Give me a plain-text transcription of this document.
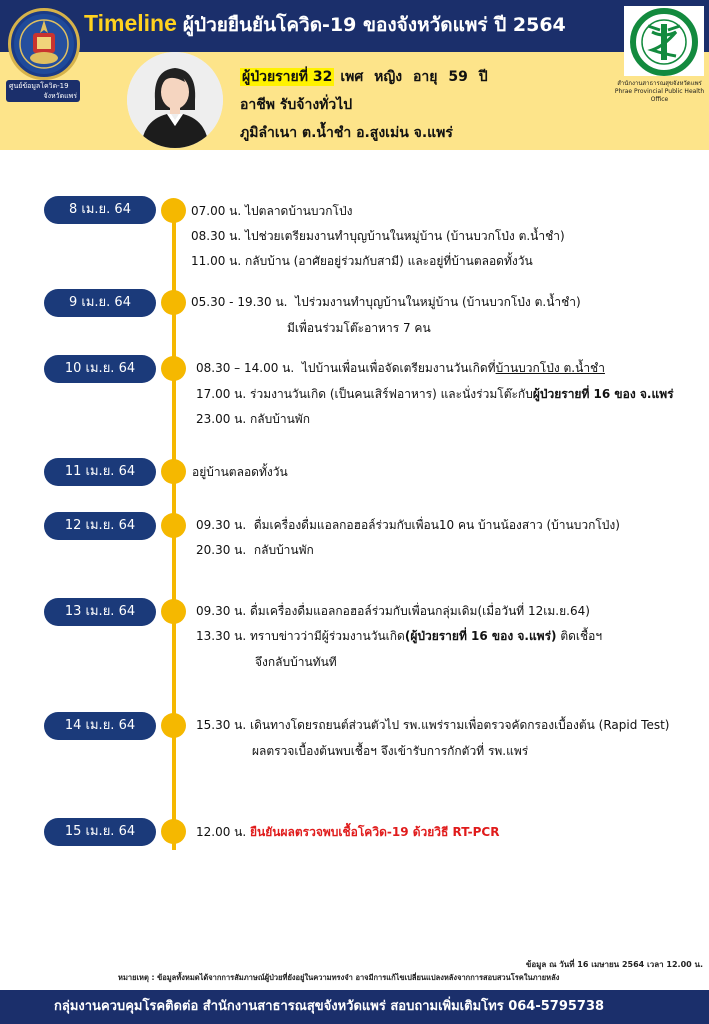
Timeline ผู้ป่วยยืนยันโควิด-19 ของจังหวัดแพร่ ปี 2564
ศูนย์ข้อมูลโควิด-19
จังหวัดแพร่
สำนักงานสาธารณสุขจังหวัดแพร่ Phrae Provincial Public Health Office
ผู้ป่วยรายที่ 32 เพศ หญิง อายุ 59 ปี
อาชีพ รับจ้างทั่วไป
ภูมิลำเนา ต.น้ำชำ อ.สูงเม่น จ.แพร่
8 เม.ย. 64	07.00 น. ไปตลาดบ้านบวกโป่ง
08.30 น. ไปช่วยเตรียมงานทำบุญบ้านในหมู่บ้าน (บ้านบวกโป่ง ต.น้ำชำ)
11.00 น. กลับบ้าน (อาศัยอยู่ร่วมกับสามี) และอยู่ที่บ้านตลอดทั้งวัน
9 เม.ย. 64	05.30 - 19.30 น. ไปร่วมงานทำบุญบ้านในหมู่บ้าน (บ้านบวกโป่ง ต.น้ำชำ)
มีเพื่อนร่วมโต๊ะอาหาร 7 คน
10 เม.ย. 64	08.30 – 14.00 น. ไปบ้านเพื่อนเพื่อจัดเตรียมงานวันเกิดที่บ้านบวกโป่ง ต.น้ำชำ
17.00 น. ร่วมงานวันเกิด (เป็นคนเสิร์ฟอาหาร) และนั่งร่วมโต๊ะกับผู้ป่วยรายที่ 16 ของ จ.แพร่
23.00 น. กลับบ้านพัก
11 เม.ย. 64	อยู่บ้านตลอดทั้งวัน
12 เม.ย. 64	09.30 น. ดื่มเครื่องดื่มแอลกอฮอล์ร่วมกับเพื่อน10 คน บ้านน้องสาว (บ้านบวกโป่ง)
20.30 น. กลับบ้านพัก
13 เม.ย. 64	09.30 น. ดื่มเครื่องดื่มแอลกอฮอล์ร่วมกับเพื่อนกลุ่มเดิม(เมื่อวันที่ 12เม.ย.64)
13.30 น. ทราบข่าวว่ามีผู้ร่วมงานวันเกิด(ผู้ป่วยรายที่ 16 ของ จ.แพร่) ติดเชื้อฯ
จึงกลับบ้านทันที
14 เม.ย. 64	15.30 น. เดินทางโดยรถยนต์ส่วนตัวไป รพ.แพร่รามเพื่อตรวจคัดกรองเบื้องต้น (Rapid Test)
ผลตรวจเบื้องต้นพบเชื้อฯ จึงเข้ารับการกักตัวที่ รพ.แพร่
15 เม.ย. 64	12.00 น. ยืนยันผลตรวจพบเชื้อโควิด-19 ด้วยวิธี RT-PCR
ข้อมูล ณ วันที่ 16 เมษายน 2564 เวลา 12.00 น.
หมายเหตุ : ข้อมูลทั้งหมดได้จากการสัมภาษณ์ผู้ป่วยที่ยังอยู่ในความทรงจำ อาจมีการแก้ไขเปลี่ยนแปลงหลังจากการสอบสวนโรคในภายหลัง
กลุ่มงานควบคุมโรคติดต่อ สำนักงานสาธารณสุขจังหวัดแพร่ สอบถามเพิ่มเติมโทร 064-5795738
